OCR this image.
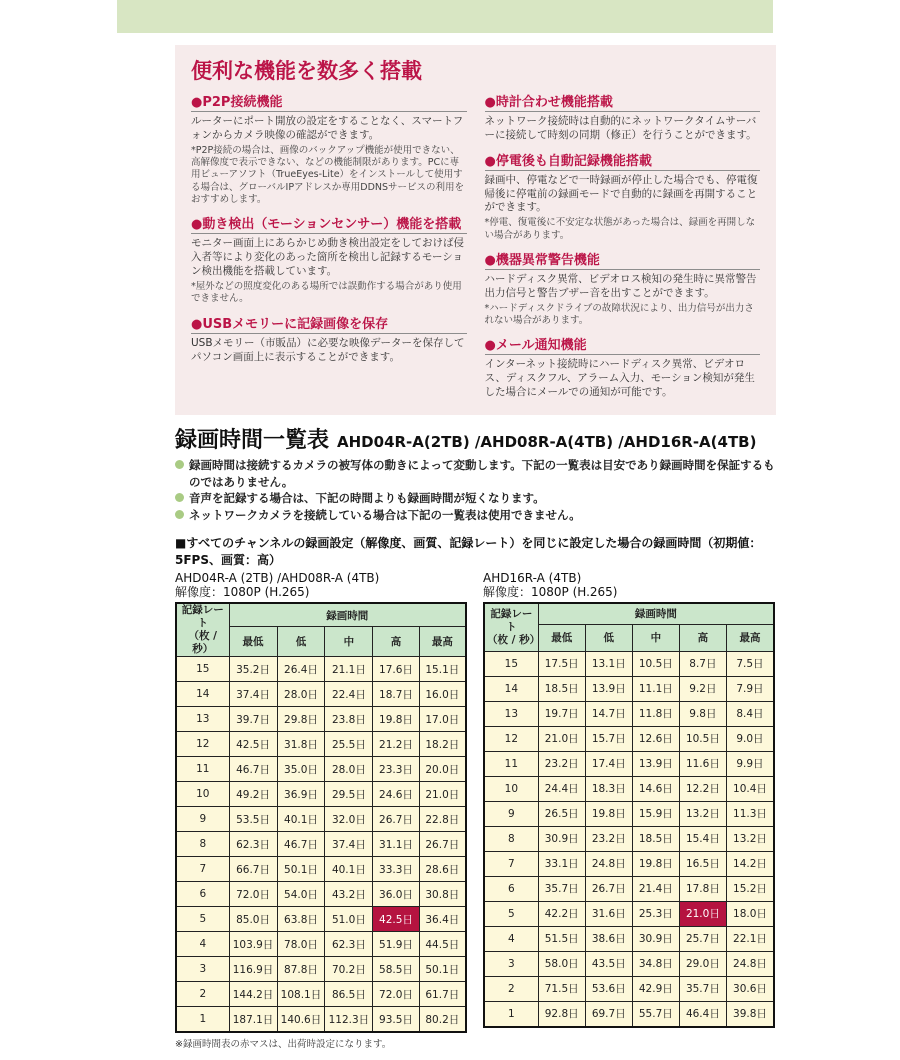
便利な機能を数多く搭載
●P2P接続機能

ルーターにポート開放の設定をすることなく、スマートフォンからカメラ映像の確認ができます。

*P2P接続の場合は、画像のバックアップ機能が使用できない、高解像度で表示できない、などの機能制限があります。PCに専用ビューアソフト（TrueEyes-Lite）をインストールして使用する場合は、グローバルIPアドレスか専用DDNSサービスの利用をおすすめします。

●動き検出（モーションセンサー）機能を搭載

モニター画面上にあらかじめ動き検出設定をしておけば侵入者等により変化のあった箇所を検出し記録するモーション検出機能を搭載しています。

*屋外などの照度変化のある場所では誤動作する場合があり使用できません。

●USBメモリーに記録画像を保存

USBメモリー（市販品）に必要な映像データーを保存してパソコン画面上に表示することができます。

●時計合わせ機能搭載

ネットワーク接続時は自動的にネットワークタイムサーバーに接続して時刻の同期（修正）を行うことができます。

●停電後も自動記録機能搭載

録画中、停電などで一時録画が停止した場合でも、停電復帰後に停電前の録画モードで自動的に録画を再開することができます。

*停電、復電後に不安定な状態があった場合は、録画を再開しない場合があります。

●機器異常警告機能

ハードディスク異常、ビデオロス検知の発生時に異常警告出力信号と警告ブザー音を出すことができます。

*ハードディスクドライブの故障状況により、出力信号が出力されない場合があります。

●メール通知機能

インターネット接続時にハードディスク異常、ビデオロス、ディスクフル、アラーム入力、モーション検知が発生した場合にメールでの通知が可能です。

録画時間一覧表 AHD04R-A(2TB) /AHD08R-A(4TB) /AHD16R-A(4TB)
録画時間は接続するカメラの被写体の動きによって変動します。下記の一覧表は目安であり録画時間を保証するものではありません。
音声を記録する場合は、下記の時間よりも録画時間が短くなります。
ネットワークカメラを接続している場合は下記の一覧表は使用できません。

■すべてのチャンネルの録画設定（解像度、画質、記録レート）を同じに設定した場合の録画時間（初期値：5FPS、画質：高）

AHD04R-A (2TB) /AHD08R-A (4TB)
解像度：1080P (H.265)
記録レート
（枚 / 秒）	録画時間				
	最低	低	中	高	最高
15	35.2日	26.4日	21.1日	17.6日	15.1日
14	37.4日	28.0日	22.4日	18.7日	16.0日
13	39.7日	29.8日	23.8日	19.8日	17.0日
12	42.5日	31.8日	25.5日	21.2日	18.2日
11	46.7日	35.0日	28.0日	23.3日	20.0日
10	49.2日	36.9日	29.5日	24.6日	21.0日
9	53.5日	40.1日	32.0日	26.7日	22.8日
8	62.3日	46.7日	37.4日	31.1日	26.7日
7	66.7日	50.1日	40.1日	33.3日	28.6日
6	72.0日	54.0日	43.2日	36.0日	30.8日
5	85.0日	63.8日	51.0日	42.5日	36.4日
4	103.9日	78.0日	62.3日	51.9日	44.5日
3	116.9日	87.8日	70.2日	58.5日	50.1日
2	144.2日	108.1日	86.5日	72.0日	61.7日
1	187.1日	140.6日	112.3日	93.5日	80.2日
AHD16R-A (4TB)
解像度：1080P (H.265)
記録レート
（枚 / 秒）	録画時間				
	最低	低	中	高	最高
15	17.5日	13.1日	10.5日	8.7日	7.5日
14	18.5日	13.9日	11.1日	9.2日	7.9日
13	19.7日	14.7日	11.8日	9.8日	8.4日
12	21.0日	15.7日	12.6日	10.5日	9.0日
11	23.2日	17.4日	13.9日	11.6日	9.9日
10	24.4日	18.3日	14.6日	12.2日	10.4日
9	26.5日	19.8日	15.9日	13.2日	11.3日
8	30.9日	23.2日	18.5日	15.4日	13.2日
7	33.1日	24.8日	19.8日	16.5日	14.2日
6	35.7日	26.7日	21.4日	17.8日	15.2日
5	42.2日	31.6日	25.3日	21.0日	18.0日
4	51.5日	38.6日	30.9日	25.7日	22.1日
3	58.0日	43.5日	34.8日	29.0日	24.8日
2	71.5日	53.6日	42.9日	35.7日	30.6日
1	92.8日	69.7日	55.7日	46.4日	39.8日

※録画時間表の赤マスは、出荷時設定になります。
